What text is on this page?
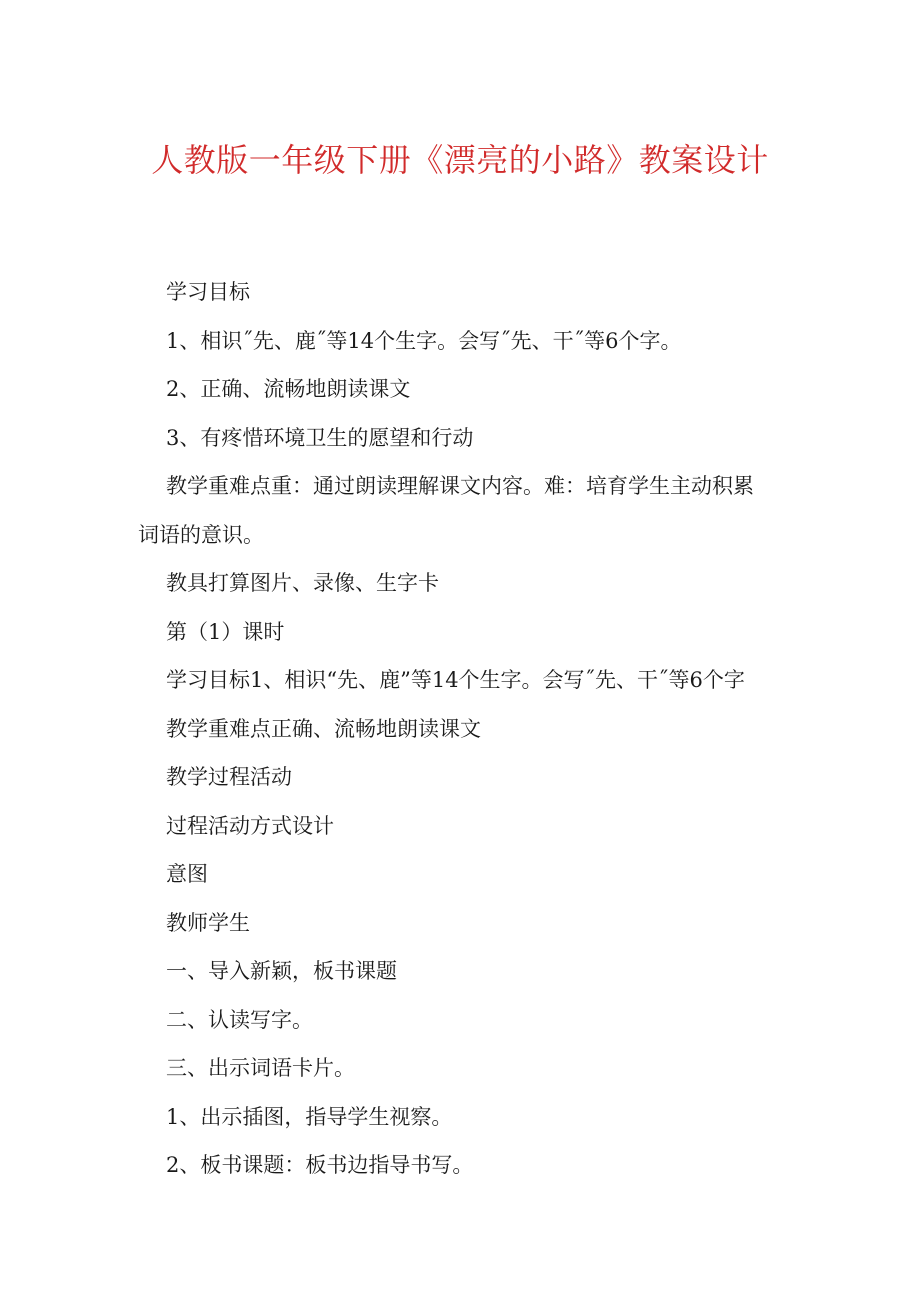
人教版一年级下册《漂亮的小路》教案设计
学习目标
1、相识˝先、鹿˝等14个生字。会写˝先、干˝等6个字。
2、正确、流畅地朗读课文
3、有疼惜环境卫生的愿望和行动
教学重难点重：通过朗读理解课文内容。难：培育学生主动积累
词语的意识。
教具打算图片、录像、生字卡
第（1）课时
学习目标1、相识“先、鹿”等14个生字。会写˝先、干˝等6个字
教学重难点正确、流畅地朗读课文
教学过程活动
过程活动方式设计
意图
教师学生
一、导入新颖，板书课题
二、认读写字。
三、出示词语卡片。
1、出示插图，指导学生视察。
2、板书课题：板书边指导书写。
